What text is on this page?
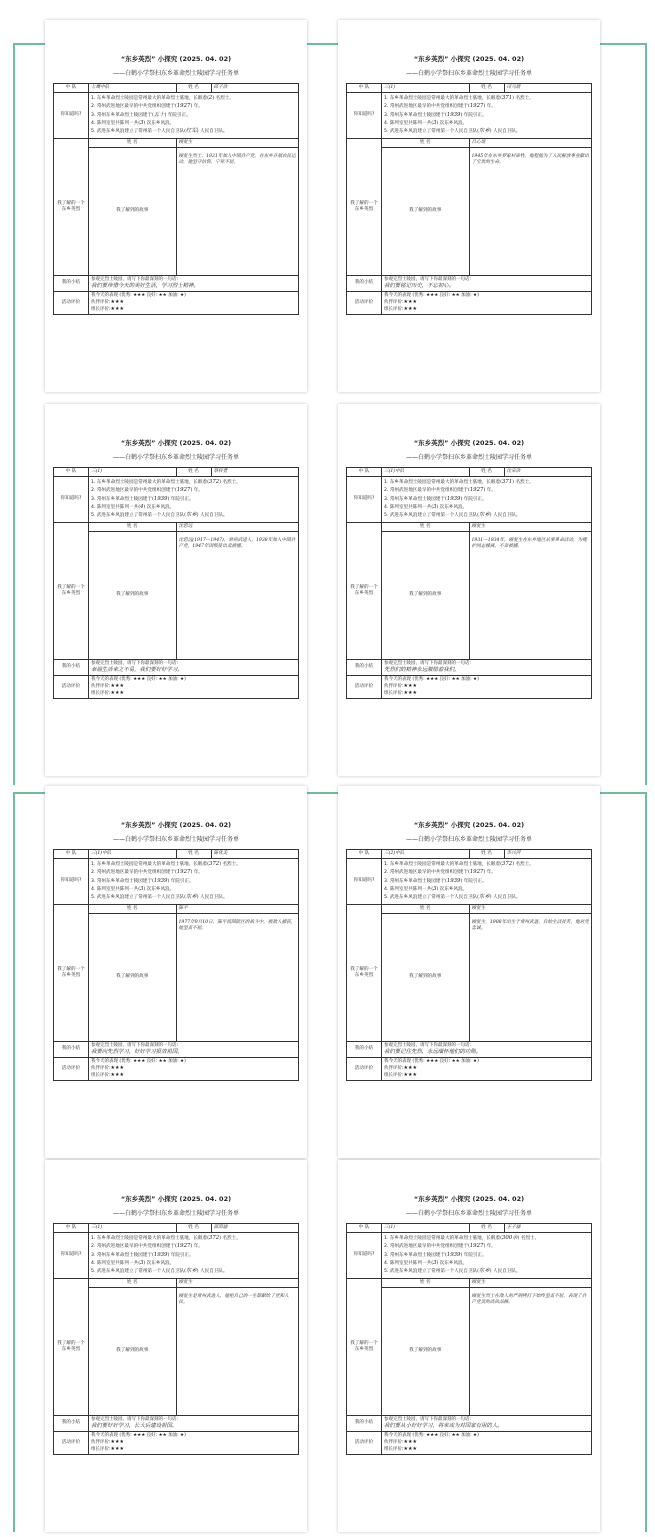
“东乡英烈” 小探究 (2025. 04. 02)
——白鹤小学祭扫东乡革命烈士陵园学习任务单
中 队	七鹰中队	姓 名	邱子浩
你知道吗?	1. 东乡革命烈士陵园是常州最大的革命烈士墓地，长眠着(2) 名烈士。
2. 常州武进地区最早的中共党组织创建于(1927) 年。
3. 常州东乡革命烈士陵园建于(五十) 年院引正。
4. 陈列室里共陈列一共(3) 次东乡风浪。
5. 武进东乡风浪建立了常州第一个人民自卫队(红军) 人民自卫队。		

我了解的一个东乡英烈	姓 名	顾复生	
	我了解到的故事	顾复生烈士，1931年加入中国共产党，在东乡开展农民运动，他坚守信仰，宁死不屈。	
我的小结	参观完烈士陵园，请写下你最深刻的一句话:
我们要珍惜今天的美好生活，学习烈士精神。		

活动评价	我今天的表现 (优秀: ★★★ 良好: ★★ 加油: ★)
伙伴评价:★★★
组长评价:★★★		
“东乡英烈” 小探究 (2025. 04. 02)
——白鹤小学祭扫东乡革命烈士陵园学习任务单
中 队	三(1)	姓 名	司马晨
你知道吗?	1. 东乡革命烈士陵园是常州最大的革命烈士墓地，长眠着(371) 名烈士。
2. 常州武进地区最早的中共党组织创建于(1927) 年。
3. 常州东乡革命烈士陵园建于(1939) 年院引正。
4. 陈列室里共陈列一共(3) 次东乡风浪。
5. 武进东乡风浪建立了常州第一个人民自卫队(东乡) 人民自卫队。		

我了解的一个东乡英烈	姓 名	吕心琉	
	我了解到的故事	1945年在东乡罗家村牵牲，他程他为了人民解放事业献出了宝贵的生命。	
我的小结	参观完烈士陵园，请写下你最深刻的一句话:
我们要铭记历史，不忘初心。		

活动评价	我今天的表现 (优秀: ★★★ 良好: ★★ 加油: ★)
伙伴评价:★★★
组长评价:★★★		
“东乡英烈” 小探究 (2025. 04. 02)
——白鹤小学祭扫东乡革命烈士陵园学习任务单
中 队	三(1)	姓 名	蔡梓萱
你知道吗?	1. 东乡革命烈士陵园是常州最大的革命烈士墓地，长眠着(372) 名烈士。
2. 常州武进地区最早的中共党组织创建于(1927) 年。
3. 常州东乡革命烈士陵园建于(1939) 年院引正。
4. 陈列室里共陈列一共(4) 次东乡风浪。
5. 武进东乡风浪建立了常州第一个人民自卫队(东乡) 人民自卫队。		

我了解的一个东乡英烈	姓 名	沈思远	
	我了解到的故事	沈思远(1917—1947)，常州武进人，1938年加入中国共产党，1947年因叛徒出卖被捕。	
我的小结	参观完烈士陵园，请写下你最深刻的一句话:
幸福生活来之不易，我们要好好学习。		

活动评价	我今天的表现 (优秀: ★★★ 良好: ★★ 加油: ★)
伙伴评价:★★★
组长评价:★★★		
“东乡英烈” 小探究 (2025. 04. 02)
——白鹤小学祭扫东乡革命烈士陵园学习任务单
中 队	三(1)中队	姓 名	沈宋浩
你知道吗?	1. 东乡革命烈士陵园是常州最大的革命烈士墓地，长眠着(371) 名烈士。
2. 常州武进地区最早的中共党组织创建于(1927) 年。
3. 常州东乡革命烈士陵园建于(1939) 年院引正。
4. 陈列室里共陈列一共(3) 次东乡风浪。
5. 武进东乡风浪建立了常州第一个人民自卫队(东乡) 人民自卫队。		

我了解的一个东乡英烈	姓 名	顾复生	
	我了解到的故事	1931—1934年，顾复生在东乡地区从事革命活动，为掩护同志撑离，不幸被捕。	
我的小结	参观完烈士陵园，请写下你最深刻的一句话:
先烈们的精神永远激励着我们。		

活动评价	我今天的表现 (优秀: ★★★ 良好: ★★ 加油: ★)
伙伴评价:★★★
组长评价:★★★		
“东乡英烈” 小探究 (2025. 04. 02)
——白鹤小学祭扫东乡革命烈士陵园学习任务单
中 队	三(1)中队	姓 名	陈优美
你知道吗?	1. 东乡革命烈士陵园是常州最大的革命烈士墓地，长眠着(372) 名烈士。
2. 常州武进地区最早的中共党组织创建于(1927) 年。
3. 常州东乡革命烈士陵园建于(1939) 年院引正。
4. 陈列室里共陈列一共(3) 次东乡风浪。
5. 武进东乡风浪建立了常州第一个人民自卫队(东乡) 人民自卫队。		

我了解的一个东乡英烈	姓 名	陈平	
	我了解到的故事	1977年9月10日，陈平派国防区的战斗中，被敌人捕获，他坚贞不屈。	
我的小结	参观完烈士陵园，请写下你最深刻的一句话:
我要向先烈学习，好好学习报效祖国。		

活动评价	我今天的表现 (优秀: ★★★ 良好: ★★ 加油: ★)
伙伴评价:★★★
组长评价:★★★		
“东乡英烈” 小探究 (2025. 04. 02)
——白鹤小学祭扫东乡革命烈士陵园学习任务单
中 队	三(2)中队	姓 名	李兴河
你知道吗?	1. 东乡革命烈士陵园是常州最大的革命烈士墓地，长眠着(372) 名烈士。
2. 常州武进地区最早的中共党组织创建于(1927) 年。
3. 常州东乡革命烈士陵园建于(1939) 年院引正。
4. 陈列室里共陈列一共(3) 次东乡风浪。
5. 武进东乡风浪建立了常州第一个人民自卫队(东乡) 人民自卫队。		

我了解的一个东乡英烈	姓 名	顾复生	
	我了解到的故事	顾复生，1908年出生于常州武进，自幼生活贫苦，他对党忠诚。	
我的小结	参观完烈士陵园，请写下你最深刻的一句话:
我们要记住先烈，永远缅怀他们的功勋。		

活动评价	我今天的表现 (优秀: ★★★ 良好: ★★ 加油: ★)
伙伴评价:★★★
组长评价:★★★		
“东乡英烈” 小探究 (2025. 04. 02)
——白鹤小学祭扫东乡革命烈士陵园学习任务单
中 队	三(1)	姓 名	邵雨涵
你知道吗?	1. 东乡革命烈士陵园是常州最大的革命烈士墓地，长眠着(372) 名烈士。
2. 常州武进地区最早的中共党组织创建于(1927) 年。
3. 常州东乡革命烈士陵园建于(1939) 年院引正。
4. 陈列室里共陈列一共(3) 次东乡风浪。
5. 武进东乡风浪建立了常州第一个人民自卫队(东乡) 人民自卫队。		

我了解的一个东乡英烈	姓 名	顾复生	
	我了解到的故事	顾复生是常州武进人，他把自己的一生都献给了党和人民。	
我的小结	参观完烈士陵园，请写下你最深刻的一句话:
我们要好好学习，长大后建设祖国。		

活动评价	我今天的表现 (优秀: ★★★ 良好: ★★ 加油: ★)
伙伴评价:★★★
组长评价:★★★		
“东乡英烈” 小探究 (2025. 04. 02)
——白鹤小学祭扫东乡革命烈士陵园学习任务单
中 队	三(1)	姓 名	王子涵
你知道吗?	1. 东乡革命烈士陵园是常州最大的革命烈士墓地，长眠着(300余) 名烈士。
2. 常州武进地区最早的中共党组织创建于(1927) 年。
3. 常州东乡革命烈士陵园建于(1939) 年院引正。
4. 陈列室里共陈列一共(3) 次东乡风浪。
5. 武进东乡风浪建立了常州第一个人民自卫队(东乡) 人民自卫队。		

我了解的一个东乡英烈	姓 名	顾复生	
	我了解到的故事	顾复生烈士在敌人的严刑拷打下始终坚贞不屈，表现了共产党员的高尚品格。	
我的小结	参观完烈士陵园，请写下你最深刻的一句话:
我们要从小好好学习，将来成为对国家有用的人。		

活动评价	我今天的表现 (优秀: ★★★ 良好: ★★ 加油: ★)
伙伴评价:★★★
组长评价:★★★		
